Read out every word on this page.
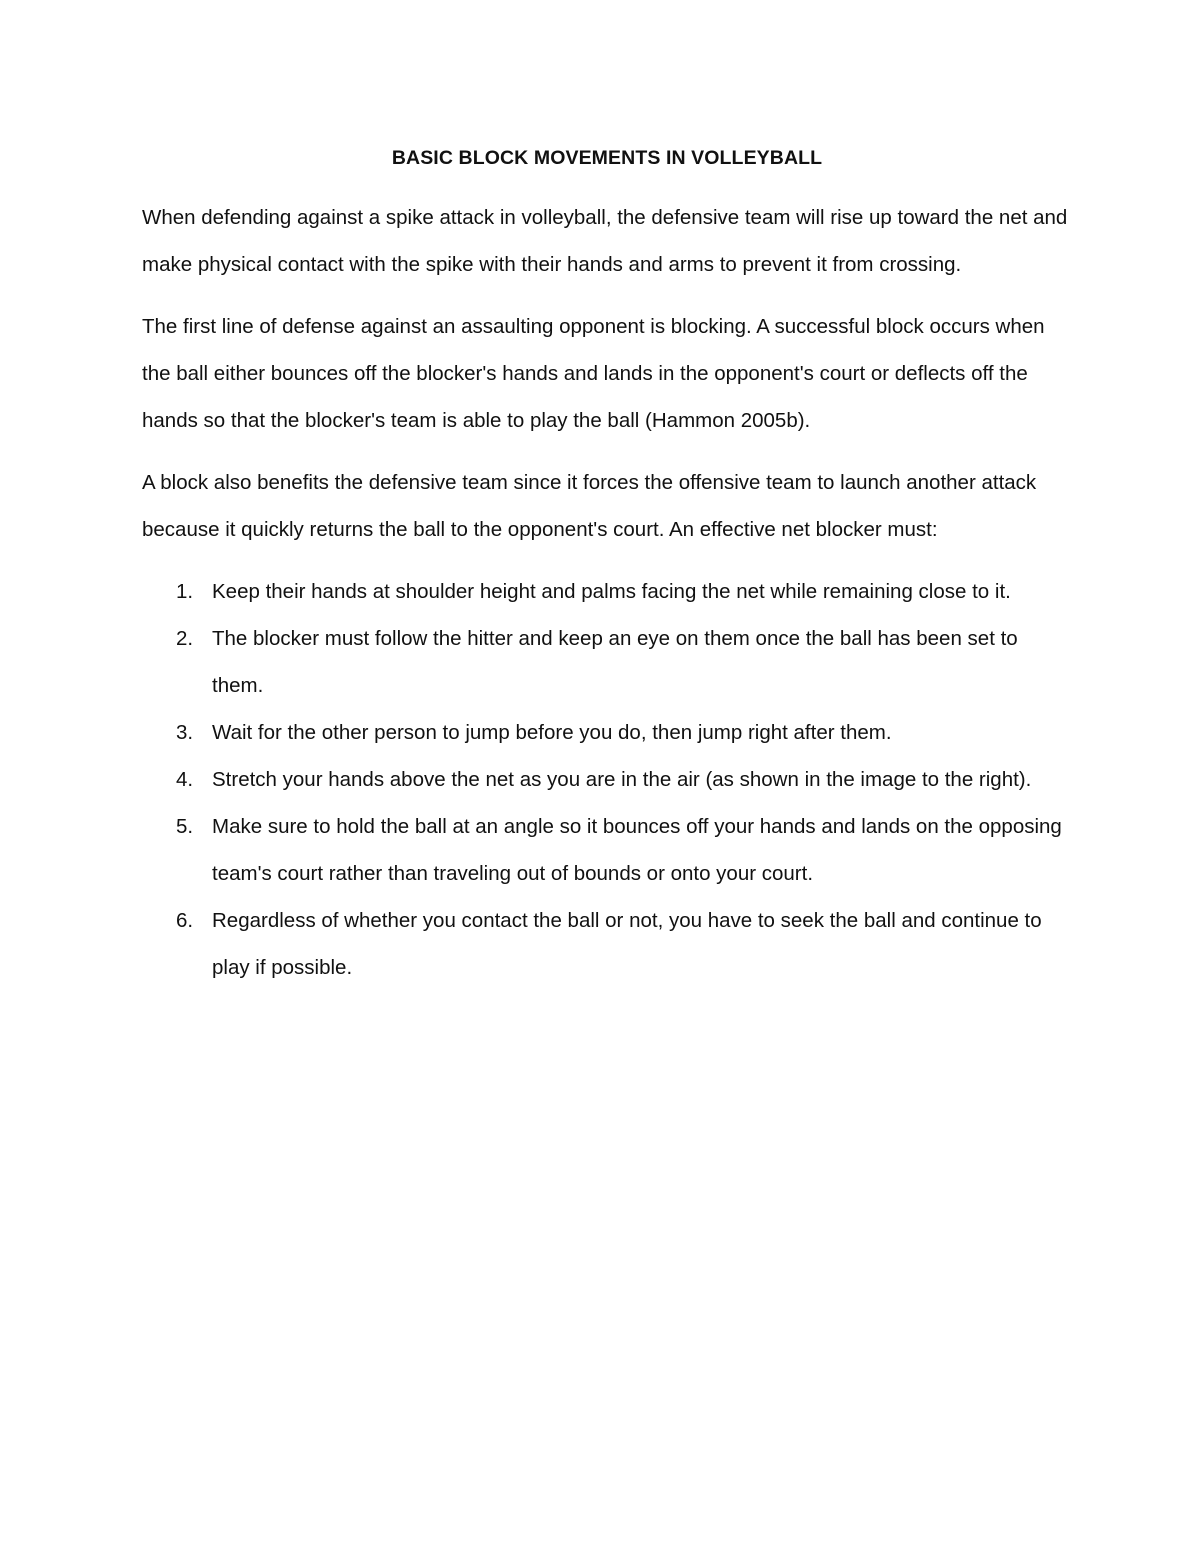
BASIC BLOCK MOVEMENTS IN VOLLEYBALL

When defending against a spike attack in volleyball, the defensive team will rise up toward the net and make physical contact with the spike with their hands and arms to prevent it from crossing.

The first line of defense against an assaulting opponent is blocking. A successful block occurs when the ball either bounces off the blocker's hands and lands in the opponent's court or deflects off the hands so that the blocker's team is able to play the ball (Hammon 2005b).

A block also benefits the defensive team since it forces the offensive team to launch another attack because it quickly returns the ball to the opponent's court. An effective net blocker must:

1. Keep their hands at shoulder height and palms facing the net while remaining close to it.
2. The blocker must follow the hitter and keep an eye on them once the ball has been set to them.
3. Wait for the other person to jump before you do, then jump right after them.
4. Stretch your hands above the net as you are in the air (as shown in the image to the right).
5. Make sure to hold the ball at an angle so it bounces off your hands and lands on the opposing team's court rather than traveling out of bounds or onto your court.
6. Regardless of whether you contact the ball or not, you have to seek the ball and continue to play if possible.
